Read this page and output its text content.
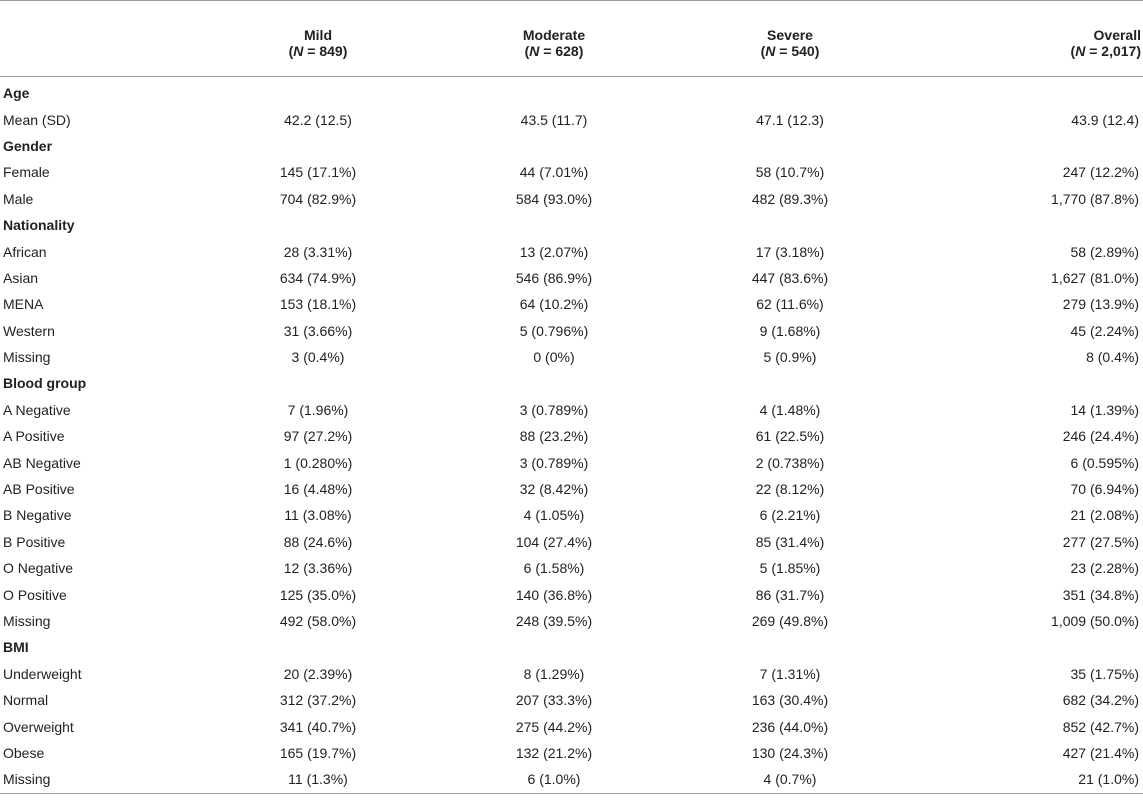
	Mild	Moderate	Severe	Overall
	(N = 849)	(N = 628)	(N = 540)	(N = 2,017)
Age				
Mean (SD)	42.2 (12.5)	43.5 (11.7)	47.1 (12.3)	43.9 (12.4)
Gender				
Female	145 (17.1%)	44 (7.01%)	58 (10.7%)	247 (12.2%)
Male	704 (82.9%)	584 (93.0%)	482 (89.3%)	1,770 (87.8%)
Nationality				
African	28 (3.31%)	13 (2.07%)	17 (3.18%)	58 (2.89%)
Asian	634 (74.9%)	546 (86.9%)	447 (83.6%)	1,627 (81.0%)
MENA	153 (18.1%)	64 (10.2%)	62 (11.6%)	279 (13.9%)
Western	31 (3.66%)	5 (0.796%)	9 (1.68%)	45 (2.24%)
Missing	3 (0.4%)	0 (0%)	5 (0.9%)	8 (0.4%)
Blood group				
A Negative	7 (1.96%)	3 (0.789%)	4 (1.48%)	14 (1.39%)
A Positive	97 (27.2%)	88 (23.2%)	61 (22.5%)	246 (24.4%)
AB Negative	1 (0.280%)	3 (0.789%)	2 (0.738%)	6 (0.595%)
AB Positive	16 (4.48%)	32 (8.42%)	22 (8.12%)	70 (6.94%)
B Negative	11 (3.08%)	4 (1.05%)	6 (2.21%)	21 (2.08%)
B Positive	88 (24.6%)	104 (27.4%)	85 (31.4%)	277 (27.5%)
O Negative	12 (3.36%)	6 (1.58%)	5 (1.85%)	23 (2.28%)
O Positive	125 (35.0%)	140 (36.8%)	86 (31.7%)	351 (34.8%)
Missing	492 (58.0%)	248 (39.5%)	269 (49.8%)	1,009 (50.0%)
BMI				
Underweight	20 (2.39%)	8 (1.29%)	7 (1.31%)	35 (1.75%)
Normal	312 (37.2%)	207 (33.3%)	163 (30.4%)	682 (34.2%)
Overweight	341 (40.7%)	275 (44.2%)	236 (44.0%)	852 (42.7%)
Obese	165 (19.7%)	132 (21.2%)	130 (24.3%)	427 (21.4%)
Missing	11 (1.3%)	6 (1.0%)	4 (0.7%)	21 (1.0%)
